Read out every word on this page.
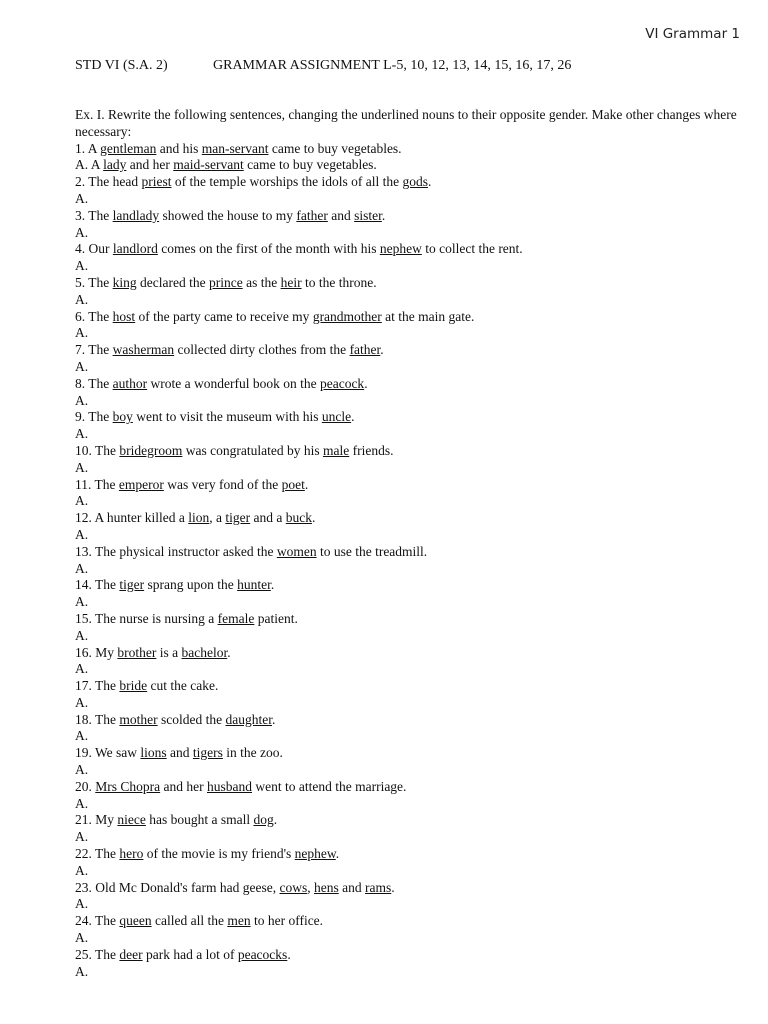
VI Grammar 1
STD VI (S.A. 2)	GRAMMAR ASSIGNMENT L-5, 10, 12, 13, 14, 15, 16, 17, 26

Ex. I. Rewrite the following sentences, changing the underlined nouns to their opposite gender. Make other changes where necessary:

1. A gentleman and his man-servant came to buy vegetables.
A. A lady and her maid-servant came to buy vegetables.
2. The head priest of the temple worships the idols of all the gods.
A.
3. The landlady showed the house to my father and sister.
A.
4. Our landlord comes on the first of the month with his nephew to collect the rent.
A.
5. The king declared the prince as the heir to the throne.
A.
6. The host of the party came to receive my grandmother at the main gate.
A.
7. The washerman collected dirty clothes from the father.
A.
8. The author wrote a wonderful book on the peacock.
A.
9. The boy went to visit the museum with his uncle.
A.
10. The bridegroom was congratulated by his male friends.
A.
11. The emperor was very fond of the poet.
A.
12. A hunter killed a lion, a tiger and a buck.
A.
13. The physical instructor asked the women to use the treadmill.
A.
14. The tiger sprang upon the hunter.
A.
15. The nurse is nursing a female patient.
A.
16. My brother is a bachelor.
A.
17. The bride cut the cake.
A.
18. The mother scolded the daughter.
A.
19. We saw lions and tigers in the zoo.
A.
20. Mrs Chopra and her husband went to attend the marriage.
A.
21. My niece has bought a small dog.
A.
22. The hero of the movie is my friend's nephew.
A.
23. Old Mc Donald's farm had geese, cows, hens and rams.
A.
24. The queen called all the men to her office.
A.
25. The deer park had a lot of peacocks.
A.
